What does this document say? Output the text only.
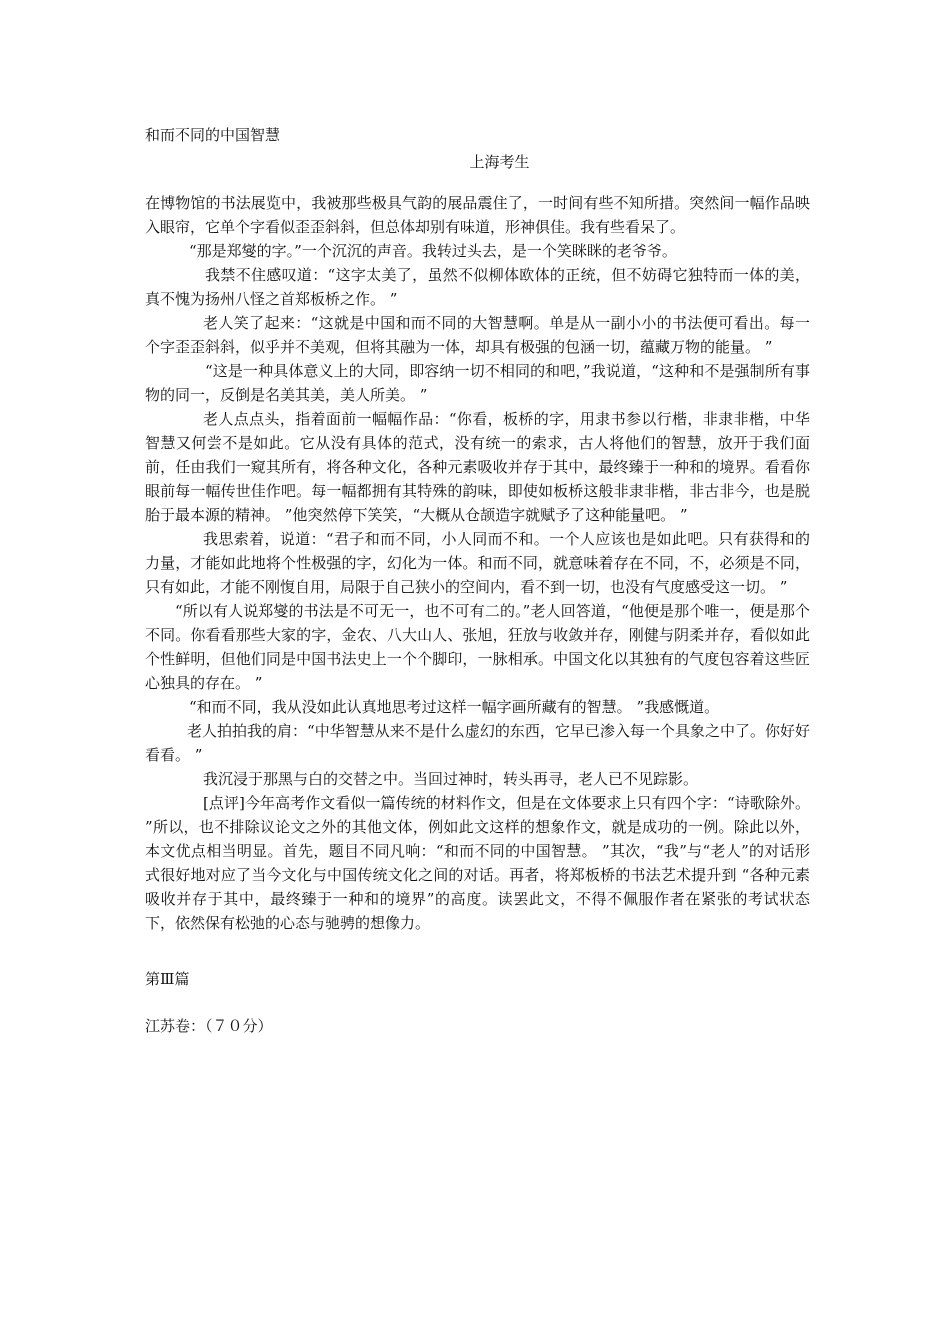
和而不同的中国智慧
上海考生

在博物馆的书法展览中，我被那些极具气韵的展品震住了，一时间有些不知所措。突然间一幅作品映入眼帘，它单个字看似歪歪斜斜，但总体却别有味道，形神俱佳。我有些看呆了。

“那是郑燮的字。”一个沉沉的声音。我转过头去，是一个笑眯眯的老爷爷。

我禁不住感叹道：“这字太美了，虽然不似柳体欧体的正统，但不妨碍它独特而一体的美，真不愧为扬州八怪之首郑板桥之作。 ”

老人笑了起来：“这就是中国和而不同的大智慧啊。单是从一副小小的书法便可看出。每一个字歪歪斜斜，似乎并不美观，但将其融为一体，却具有极强的包涵一切，蕴藏万物的能量。 ”

“这是一种具体意义上的大同，即容纳一切不相同的和吧，”我说道，“这种和不是强制所有事物的同一，反倒是名美其美，美人所美。 ”

老人点点头，指着面前一幅幅作品：“你看，板桥的字，用隶书参以行楷，非隶非楷，中华智慧又何尝不是如此。它从没有具体的范式，没有统一的索求，古人将他们的智慧，放开于我们面前，任由我们一窥其所有，将各种文化，各种元素吸收并存于其中，最终臻于一种和的境界。看看你眼前每一幅传世佳作吧。每一幅都拥有其特殊的韵味，即使如板桥这般非隶非楷，非古非今，也是脱胎于最本源的精神。 ”他突然停下笑笑，“大概从仓颉造字就赋予了这种能量吧。 ”

我思索着，说道：“君子和而不同，小人同而不和。一个人应该也是如此吧。只有获得和的力量，才能如此地将个性极强的字，幻化为一体。和而不同，就意味着存在不同，不，必须是不同，只有如此，才能不刚愎自用，局限于自己狭小的空间内，看不到一切，也没有气度感受这一切。 ”

“所以有人说郑燮的书法是不可无一，也不可有二的。”老人回答道，“他便是那个唯一，便是那个不同。你看看那些大家的字，金农、八大山人、张旭，狂放与收敛并存，刚健与阴柔并存，看似如此个性鲜明，但他们同是中国书法史上一个个脚印，一脉相承。中国文化以其独有的气度包容着这些匠心独具的存在。 ”

“和而不同，我从没如此认真地思考过这样一幅字画所藏有的智慧。 ”我感慨道。

老人拍拍我的肩：“中华智慧从来不是什么虚幻的东西，它早已渗入每一个具象之中了。你好好看看。 ”

我沉浸于那黑与白的交替之中。当回过神时，转头再寻，老人已不见踪影。

[点评]今年高考作文看似一篇传统的材料作文，但是在文体要求上只有四个字：“诗歌除外。 ”所以，也不排除议论文之外的其他文体，例如此文这样的想象作文，就是成功的一例。除此以外，本文优点相当明显。首先，题目不同凡响：“和而不同的中国智慧。 ”其次，“我”与“老人”的对话形式很好地对应了当今文化与中国传统文化之间的对话。再者，将郑板桥的书法艺术提升到 “各种元素吸收并存于其中，最终臻于一种和的境界”的高度。读罢此文，不得不佩服作者在紧张的考试状态下，依然保有松弛的心态与驰骋的想像力。

第Ⅲ篇
江苏卷：（７０分）
